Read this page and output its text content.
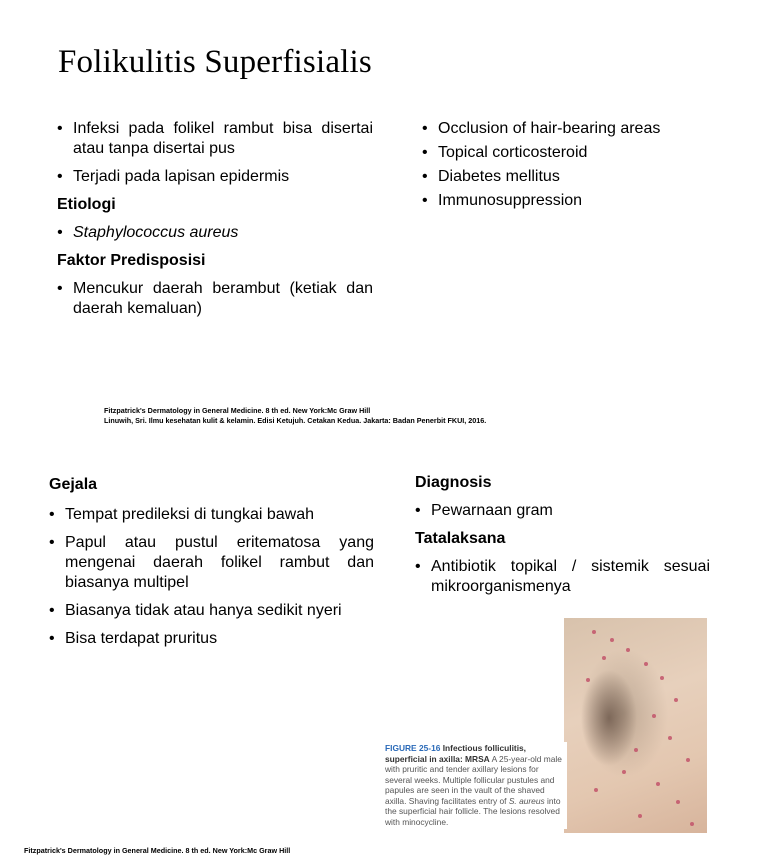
Folikulitis Superfisialis
• Infeksi pada folikel rambut bisa disertai atau tanpa disertai pus
• Terjadi pada lapisan epidermis
Etiologi
• Staphylococcus aureus
Faktor Predisposisi
• Mencukur daerah berambut (ketiak dan daerah kemaluan)
• Occlusion of hair-bearing areas
• Topical corticosteroid
• Diabetes mellitus
• Immunosuppression
Fitzpatrick's Dermatology in General Medicine. 8 th ed. New York:Mc Graw Hill
Linuwih, Sri. Ilmu kesehatan kulit & kelamin. Edisi Ketujuh. Cetakan Kedua. Jakarta: Badan Penerbit FKUI, 2016.
Gejala
• Tempat predileksi di tungkai bawah
• Papul atau pustul eritematosa yang mengenai daerah folikel rambut dan biasanya multipel
• Biasanya tidak atau hanya sedikit nyeri
• Bisa terdapat pruritus
Diagnosis
• Pewarnaan gram
Tatalaksana
• Antibiotik topikal / sistemik sesuai mikroorganismenya
FIGURE 25-16 Infectious folliculitis, superficial in axilla: MRSA A 25-year-old male with pruritic and tender axillary lesions for several weeks. Multiple follicular pustules and papules are seen in the vault of the shaved axilla. Shaving facilitates entry of S. aureus into the superficial hair follicle. The lesions resolved with minocycline.
Fitzpatrick's Dermatology in General Medicine. 8 th ed. New York:Mc Graw Hill
